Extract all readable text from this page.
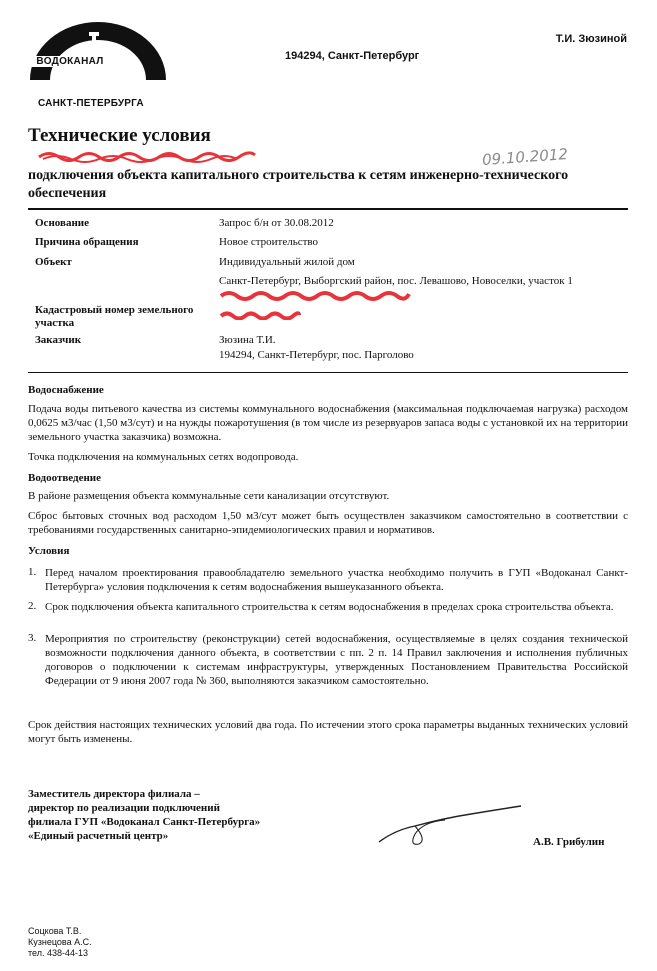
ВОДОКАНАЛ
САНКТ-ПЕТЕРБУРГА
Т.И. Зюзиной
194294, Санкт-Петербург
Технические условия
09.10.2012
подключения объекта капитального строительства к сетям инженерно-технического обеспечения
Основание	Запрос б/н от 30.08.2012
Причина обращения	Новое строительство
Объект	Индивидуальный жилой дом
Санкт-Петербург, Выборгский район, пос. Левашово, Новоселки, участок 1
Кадастровый номер земельного участка
Заказчик	Зюзина Т.И.
194294, Санкт-Петербург, пос. Парголово
Водоснабжение
Подача воды питьевого качества из системы коммунального водоснабжения (максимальная подключаемая нагрузка) расходом 0,0625 м3/час (1,50 м3/сут) и на нужды пожаротушения (в том числе из резервуаров запаса воды с установкой их на территории земельного участка заказчика) возможна.
Точка подключения на коммунальных сетях водопровода.
Водоотведение
В районе размещения объекта коммунальные сети канализации отсутствуют.
Сброс бытовых сточных вод расходом 1,50 м3/сут может быть осуществлен заказчиком самостоятельно в соответствии с требованиями государственных санитарно-эпидемиологических правил и нормативов.
Условия
1. Перед началом проектирования правообладателю земельного участка необходимо получить в ГУП «Водоканал Санкт-Петербурга» условия подключения к сетям водоснабжения вышеуказанного объекта.
2. Срок подключения объекта капитального строительства к сетям водоснабжения в пределах срока строительства объекта.
3. Мероприятия по строительству (реконструкции) сетей водоснабжения, осуществляемые в целях создания технической возможности подключения данного объекта, в соответствии с пп. 2 п. 14 Правил заключения и исполнения публичных договоров о подключении к системам инфраструктуры, утвержденных Постановлением Правительства Российской Федерации от 9 июня 2007 года № 360, выполняются заказчиком самостоятельно.
Срок действия настоящих технических условий два года. По истечении этого срока параметры выданных технических условий могут быть изменены.
Заместитель директора филиала –
директор по реализации подключений
филиала ГУП «Водоканал Санкт-Петербурга»
«Единый расчетный центр»	А.В. Грибулин
Соцкова Т.В.
Кузнецова А.С.
тел. 438-44-13
